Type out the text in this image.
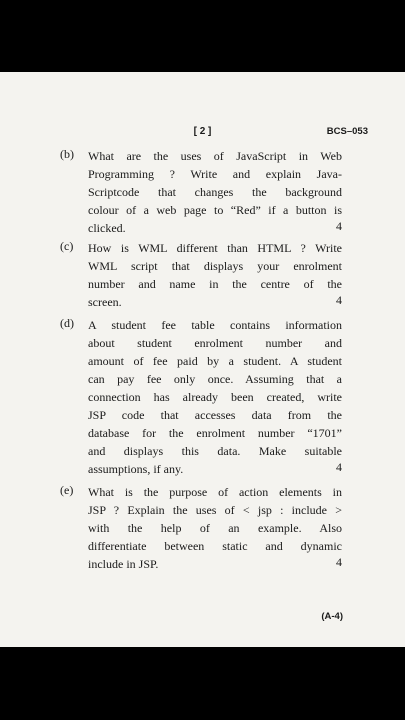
[ 2 ]	BCS–053
(b) What are the uses of JavaScript in Web
Programming ? Write and explain Java-
Scriptcode that changes the background
colour of a web page to “Red” if a button is
clicked.	4
(c) How is WML different than HTML ? Write
WML script that displays your enrolment
number and name in the centre of the
screen.	4
(d) A student fee table contains information
about student enrolment number and
amount of fee paid by a student. A student
can pay fee only once. Assuming that a
connection has already been created, write
JSP code that accesses data from the
database for the enrolment number “1701”
and displays this data. Make suitable
assumptions, if any.	4
(e) What is the purpose of action elements in
JSP ? Explain the uses of < jsp : include >
with the help of an example. Also
differentiate between static and dynamic
include in JSP.	4
(A-4)
